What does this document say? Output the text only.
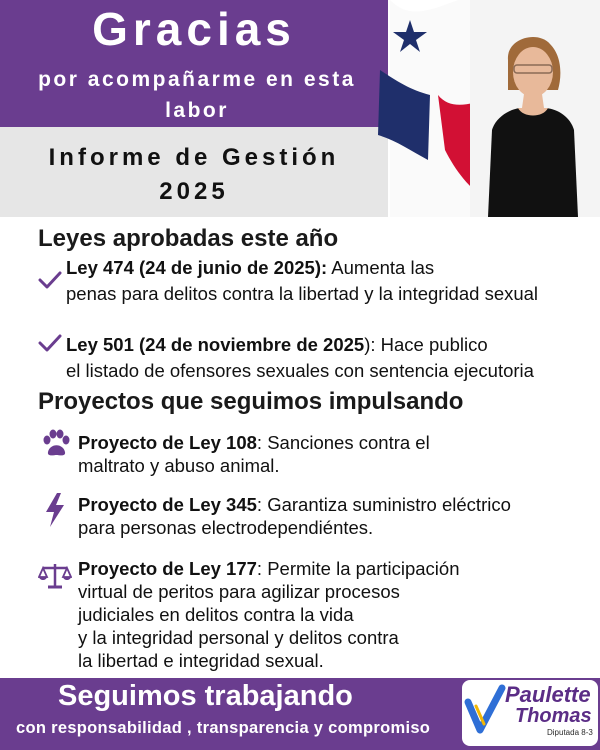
Gracias
por acompañarme en esta
labor
Informe de Gestión
2025
Leyes aprobadas este año
Ley 474 (24 de junio de 2025): Aumenta las
penas para delitos contra la libertad y la integridad sexual
Ley 501 (24 de noviembre de 2025): Hace publico
el listado de ofensores sexuales con sentencia ejecutoria
Proyectos que seguimos impulsando
Proyecto de Ley 108: Sanciones contra el
maltrato y abuso animal.
Proyecto de Ley 345: Garantiza suministro eléctrico
para personas electrodependiéntes.
Proyecto de Ley 177: Permite la participación
virtual de peritos para agilizar procesos
judiciales en delitos contra la vida
y la integridad personal y delitos contra
la libertad e integridad sexual.
Seguimos trabajando
con responsabilidad , transparencia y compromiso
Paulette
Thomas
Diputada 8-3
